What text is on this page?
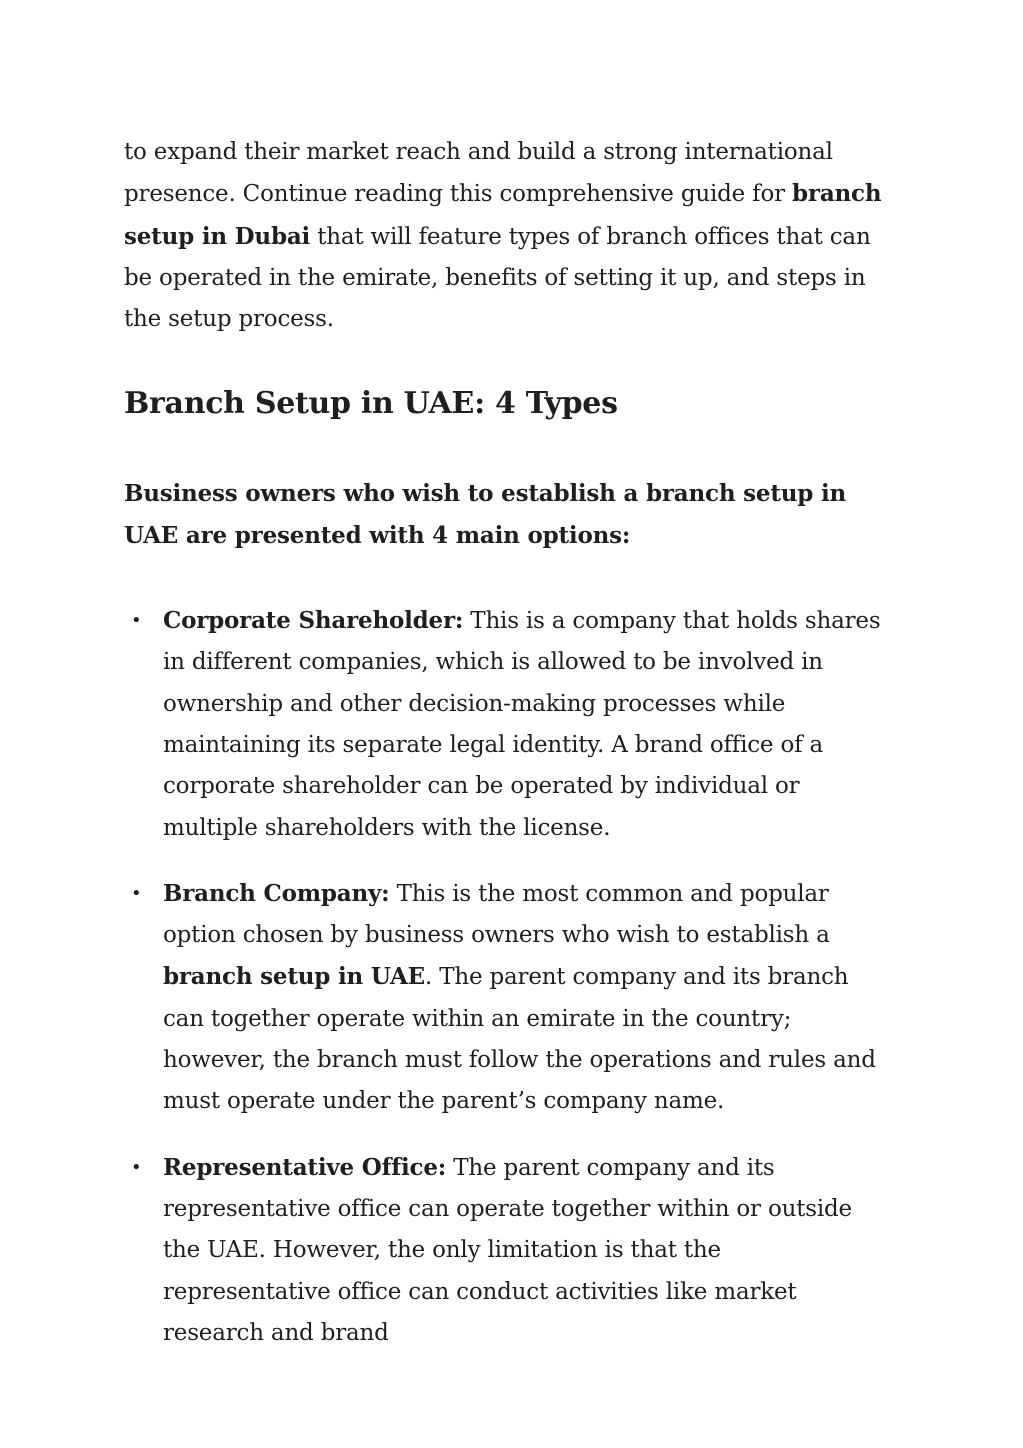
to expand their market reach and build a strong international presence. Continue reading this comprehensive guide for branch setup in Dubai that will feature types of branch offices that can be operated in the emirate, benefits of setting it up, and steps in the setup process.

Branch Setup in UAE: 4 Types

Business owners who wish to establish a branch setup in UAE are presented with 4 main options:

• Corporate Shareholder: This is a company that holds shares in different companies, which is allowed to be involved in ownership and other decision-making processes while maintaining its separate legal identity. A brand office of a corporate shareholder can be operated by individual or multiple shareholders with the license.
• Branch Company: This is the most common and popular option chosen by business owners who wish to establish a branch setup in UAE. The parent company and its branch can together operate within an emirate in the country; however, the branch must follow the operations and rules and must operate under the parent’s company name.
• Representative Office: The parent company and its representative office can operate together within or outside the UAE. However, the only limitation is that the representative office can conduct activities like market research and brand
